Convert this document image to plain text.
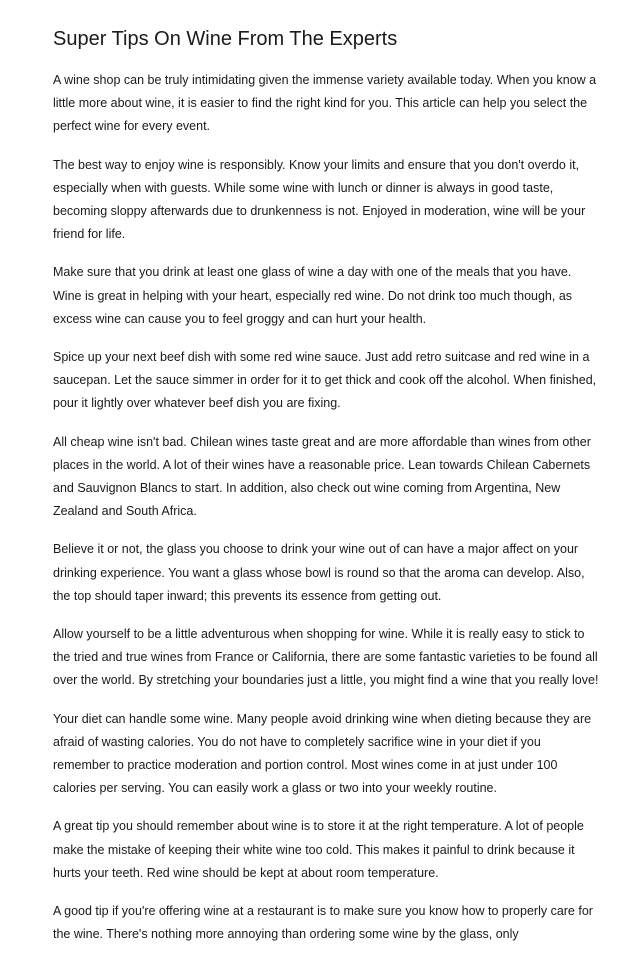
Super Tips On Wine From The Experts

A wine shop can be truly intimidating given the immense variety available today. When you know a little more about wine, it is easier to find the right kind for you. This article can help you select the perfect wine for every event.

The best way to enjoy wine is responsibly. Know your limits and ensure that you don't overdo it, especially when with guests. While some wine with lunch or dinner is always in good taste, becoming sloppy afterwards due to drunkenness is not. Enjoyed in moderation, wine will be your friend for life.

Make sure that you drink at least one glass of wine a day with one of the meals that you have. Wine is great in helping with your heart, especially red wine. Do not drink too much though, as excess wine can cause you to feel groggy and can hurt your health.

Spice up your next beef dish with some red wine sauce. Just add retro suitcase and red wine in a saucepan. Let the sauce simmer in order for it to get thick and cook off the alcohol. When finished, pour it lightly over whatever beef dish you are fixing.

All cheap wine isn't bad. Chilean wines taste great and are more affordable than wines from other places in the world. A lot of their wines have a reasonable price. Lean towards Chilean Cabernets and Sauvignon Blancs to start. In addition, also check out wine coming from Argentina, New Zealand and South Africa.

Believe it or not, the glass you choose to drink your wine out of can have a major affect on your drinking experience. You want a glass whose bowl is round so that the aroma can develop. Also, the top should taper inward; this prevents its essence from getting out.

Allow yourself to be a little adventurous when shopping for wine. While it is really easy to stick to the tried and true wines from France or California, there are some fantastic varieties to be found all over the world. By stretching your boundaries just a little, you might find a wine that you really love!

Your diet can handle some wine. Many people avoid drinking wine when dieting because they are afraid of wasting calories. You do not have to completely sacrifice wine in your diet if you remember to practice moderation and portion control. Most wines come in at just under 100 calories per serving. You can easily work a glass or two into your weekly routine.

A great tip you should remember about wine is to store it at the right temperature. A lot of people make the mistake of keeping their white wine too cold. This makes it painful to drink because it hurts your teeth. Red wine should be kept at about room temperature.

A good tip if you're offering wine at a restaurant is to make sure you know how to properly care for the wine. There's nothing more annoying than ordering some wine by the glass, only
